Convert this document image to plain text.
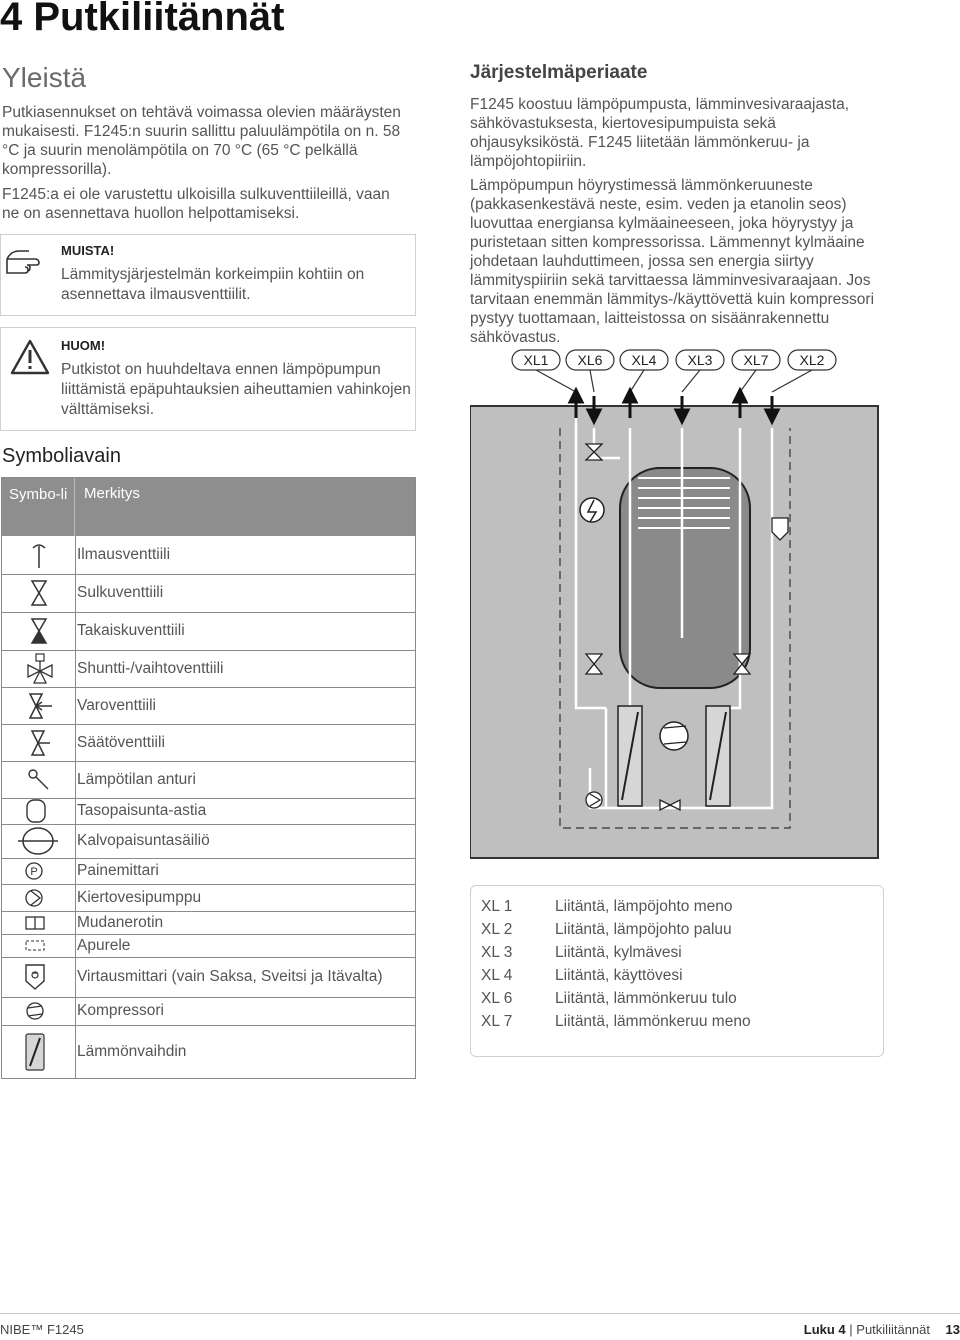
4 Putkiliitännät
Yleistä
Putkiasennukset on tehtävä voimassa olevien määräysten mukaisesti. F1245:n suurin sallittu paluulämpötila on n. 58 °C ja suurin menolämpötila on 70 °C (65 °C pelkällä kompressorilla).
F1245:a ei ole varustettu ulkoisilla sulkuventtiileillä, vaan ne on asennettava huollon helpottamiseksi.
MUISTA!
Lämmitysjärjestelmän korkeimpiin kohtiin on asennettava ilmausventtiilit.
HUOM!
Putkistot on huuhdeltava ennen lämpöpumpun liittämistä epäpuhtauksien aiheuttamien vahinkojen välttämiseksi.
Symboliavain
Symbo-li Merkitys
Ilmausventtiili
Sulkuventtiili
Takaiskuventtiili
Shuntti-/vaihtoventtiili
Varoventtiili
Säätöventtiili
Lämpötilan anturi
Tasopaisunta-astia
Kalvopaisuntasäiliö
P	Painemittari
Kiertovesipumppu
Mudanerotin
Apurele
Virtausmittari (vain Saksa, Sveitsi ja Itävalta)
Kompressori
Lämmönvaihdin
Järjestelmäperiaate
F1245 koostuu lämpöpumpusta, lämminvesivaraajasta, sähkövastuksesta, kiertovesipumpuista sekä ohjausyksiköstä. F1245 liitetään lämmönkeruu- ja lämpöjohtopiiriin.
Lämpöpumpun höyrystimessä lämmönkeruuneste (pakkasenkestävä neste, esim. veden ja etanolin seos) luovuttaa energiansa kylmäaineeseen, joka höyrystyy ja puristetaan sitten kompressorissa. Lämmennyt kylmäaine johdetaan lauhduttimeen, jossa sen energia siirtyy lämmityspiiriin sekä tarvittaessa lämminvesivaraajaan. Jos tarvitaan enemmän lämmitys-/käyttövettä kuin kompressori pystyy tuottamaan, laitteistossa on sisäänrakennettu sähkövastus.
XL1 XL6 XL4 XL3 XL7 XL2
XL 1	Liitäntä, lämpöjohto meno
XL 2	Liitäntä, lämpöjohto paluu
XL 3	Liitäntä, kylmävesi
XL 4	Liitäntä, käyttövesi
XL 6	Liitäntä, lämmönkeruu tulo
XL 7	Liitäntä, lämmönkeruu meno
NIBE™ F1245	Luku 4 | Putkiliitännät 13
